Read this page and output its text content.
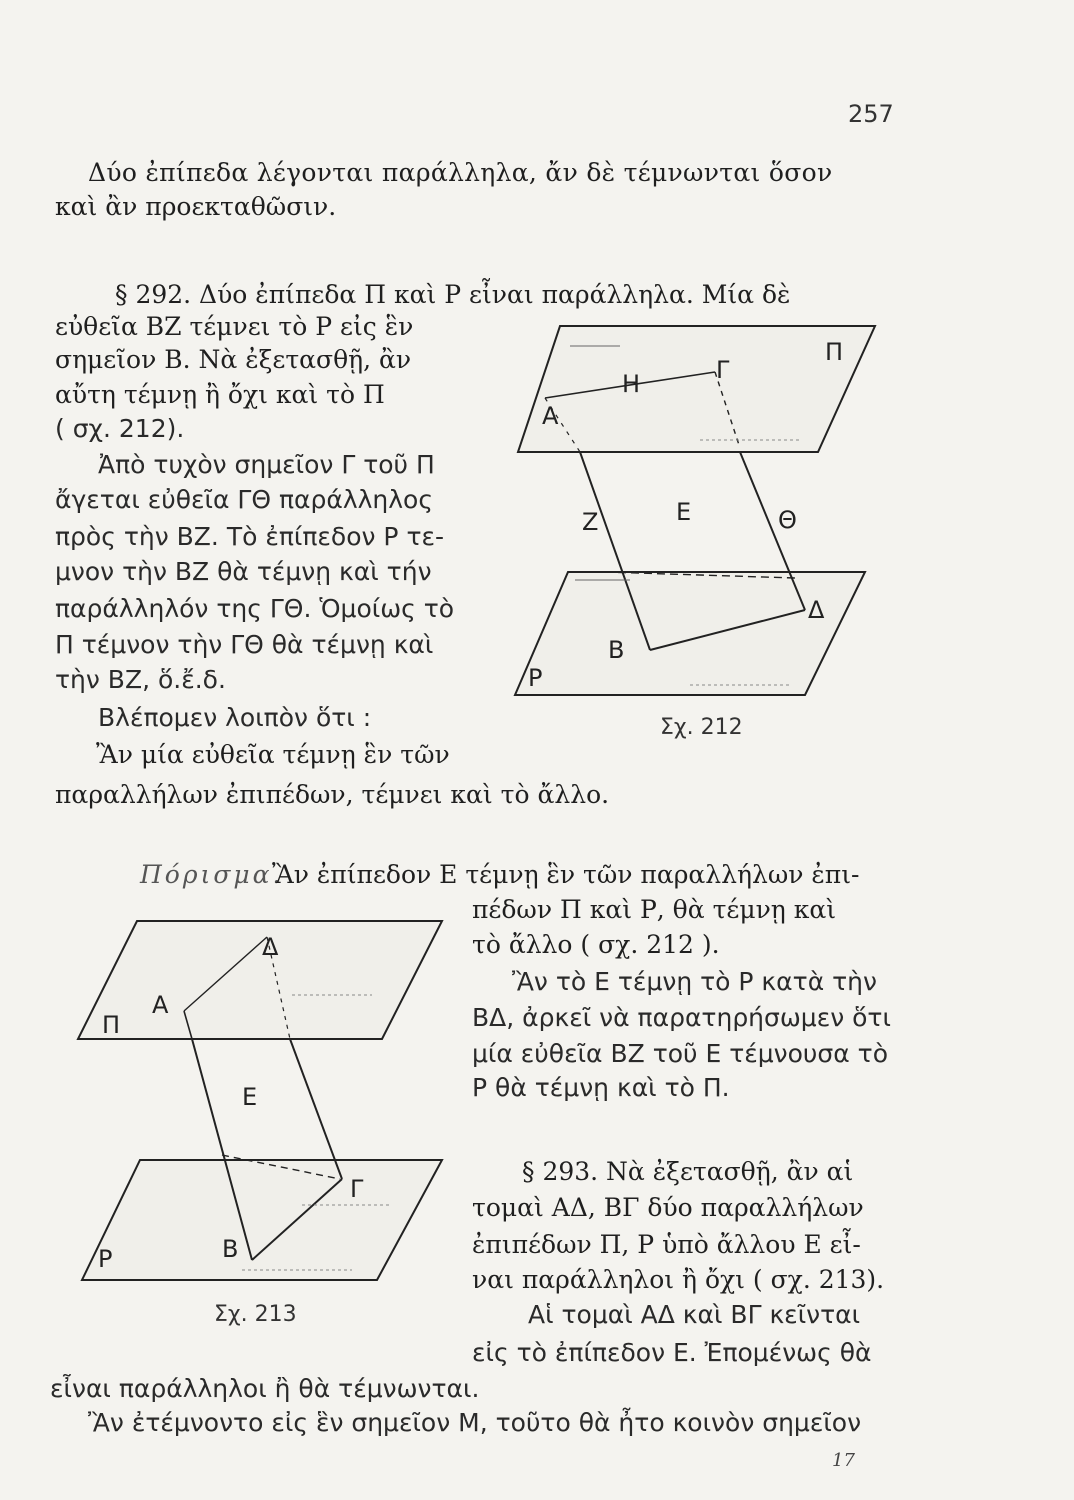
257
Δύο ἐπίπεδα λέγονται παράλληλα, ἄν δὲ τέμνωνται ὅσον
καὶ ἂν προεκταθῶσιν.
§ 292. Δύο ἐπίπεδα Π καὶ Ρ εἶναι παράλληλα. Μία δὲ
εὐθεῖα ΒΖ τέμνει τὸ Ρ εἰς ἓν
σημεῖον Β. Νὰ ἐξετασθῇ, ἂν
αὔτη τέμνῃ ἢ ὄχι καὶ τὸ Π
( σχ. 212).
Ἀπὸ τυχὸν σημεῖον Γ τοῦ Π
ἄγεται εὐθεῖα ΓΘ παράλληλος
πρὸς τὴν ΒΖ. Τὸ ἐπίπεδον Ρ τε-
μνον τὴν ΒΖ θὰ τέμνῃ καὶ τήν
παράλληλόν της ΓΘ. Ὁμοίως τὸ
Π τέμνον τὴν ΓΘ θὰ τέμνῃ καὶ
τὴν ΒΖ, ὅ.ἔ.δ.
Βλέπομεν λοιπὸν ὅτι :
Ἂν μία εὐθεῖα τέμνῃ ἓν τῶν
παραλλήλων ἐπιπέδων, τέμνει καὶ τὸ ἄλλο.
Πόρισμα.
Ἂν ἐπίπεδον Ε τέμνῃ ἓν τῶν παραλλήλων ἐπι-
πέδων Π καὶ Ρ, θὰ τέμνῃ καὶ
τὸ ἄλλο ( σχ. 212 ).
Ἂν τὸ Ε τέμνῃ τὸ Ρ κατὰ τὴν
ΒΔ, ἀρκεῖ νὰ παρατηρήσωμεν ὅτι
μία εὐθεῖα ΒΖ τοῦ Ε τέμνουσα τὸ
Ρ θὰ τέμνῃ καὶ τὸ Π.
§ 293. Νὰ ἐξετασθῇ, ἂν αἱ
τομαὶ ΑΔ, ΒΓ δύο παραλλήλων
ἐπιπέδων Π, Ρ ὑπὸ ἄλλου Ε εἶ-
ναι παράλληλοι ἢ ὄχι ( σχ. 213).
Αἱ τομαὶ ΑΔ καὶ ΒΓ κεῖνται
εἰς τὸ ἐπίπεδον Ε. Ἐπομένως θὰ
εἶναι παράλληλοι ἢ θὰ τέμνωνται.
Ἂν ἐτέμνοντο εἰς ἓν σημεῖον Μ, τοῦτο θὰ ἦτο κοινὸν σημεῖον
17
Π
Η	Γ
Α
Ζ	Ε	Θ
Δ
Β
Ρ
Σχ. 212
Δ
Α
Π
Ε
Γ
Β
Ρ
Σχ. 213
